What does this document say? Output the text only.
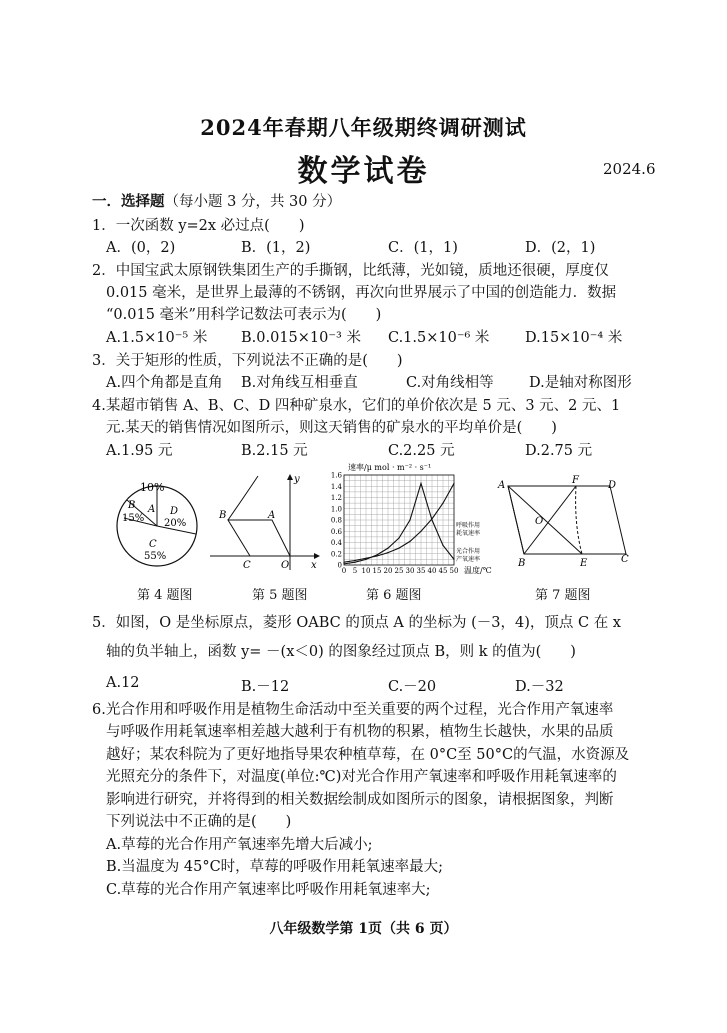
2024年春期八年级期终调研测试
数学试卷	2024.6
一．选择题（每小题 3 分，共 30 分）
1．一次函数 y=2x 必过点(　　)
A．(0，2)	B．(1，2)	C．(1，1)	D．(2，1)
2．中国宝武太原钢铁集团生产的手撕钢，比纸薄，光如镜，质地还很硬，厚度仅
0.015 毫米，是世界上最薄的不锈钢，再次向世界展示了中国的创造能力．数据
“0.015 毫米”用科学记数法可表示为(　　)
A.1.5×10⁻⁵ 米 B.0.015×10⁻³ 米 C.1.5×10⁻⁶ 米 D.15×10⁻⁴ 米
3．关于矩形的性质，下列说法不正确的是(　　)
A.四个角都是直角 B.对角线互相垂直	C.对角线相等 D.是轴对称图形
4.某超市销售 A、B、C、D 四种矿泉水，它们的单价依次是 5 元、3 元、2 元、1
元.某天的销售情况如图所示，则这天销售的矿泉水的平均单价是(　　)
A.1.95 元	B.2.15 元	C.2.25 元	D.2.75 元
10%
A
B
15%
D
20%
C
55%
y
B	A
C	O x
速率/μ mol · m⁻² · s⁻¹
0
0.2
0.4
0.6
0.8
1.0
1.2
1.4
1.6
0 5 10 15 20 25 30 35 40 45 50
呼吸作用
耗氧速率
光合作用
产氧速率
温度/℃
A	F	D
O
B	E	C
第 4 题图	第 5 题图	第 6 题图	第 7 题图
5．如图，O 是坐标原点，菱形 OABC 的顶点 A 的坐标为 (－3，4)，顶点 C 在 x
轴的负半轴上，函数 y= －(x＜0) 的图象经过顶点 B，则 k 的值为(　　)
A.12	B.－12	C.－20	D.－32
6.光合作用和呼吸作用是植物生命活动中至关重要的两个过程，光合作用产氧速率
与呼吸作用耗氧速率相差越大越利于有机物的积累，植物生长越快，水果的品质
越好；某农科院为了更好地指导果农种植草莓，在 0°C至 50°C的气温，水资源及
光照充分的条件下，对温度(单位:℃)对光合作用产氧速率和呼吸作用耗氧速率的
影响进行研究，并将得到的相关数据绘制成如图所示的图象，请根据图象，判断
下列说法中不正确的是(　　)
A.草莓的光合作用产氧速率先增大后减小;
B.当温度为 45°C时，草莓的呼吸作用耗氧速率最大;
C.草莓的光合作用产氧速率比呼吸作用耗氧速率大;
八年级数学第 1页（共 6 页）
